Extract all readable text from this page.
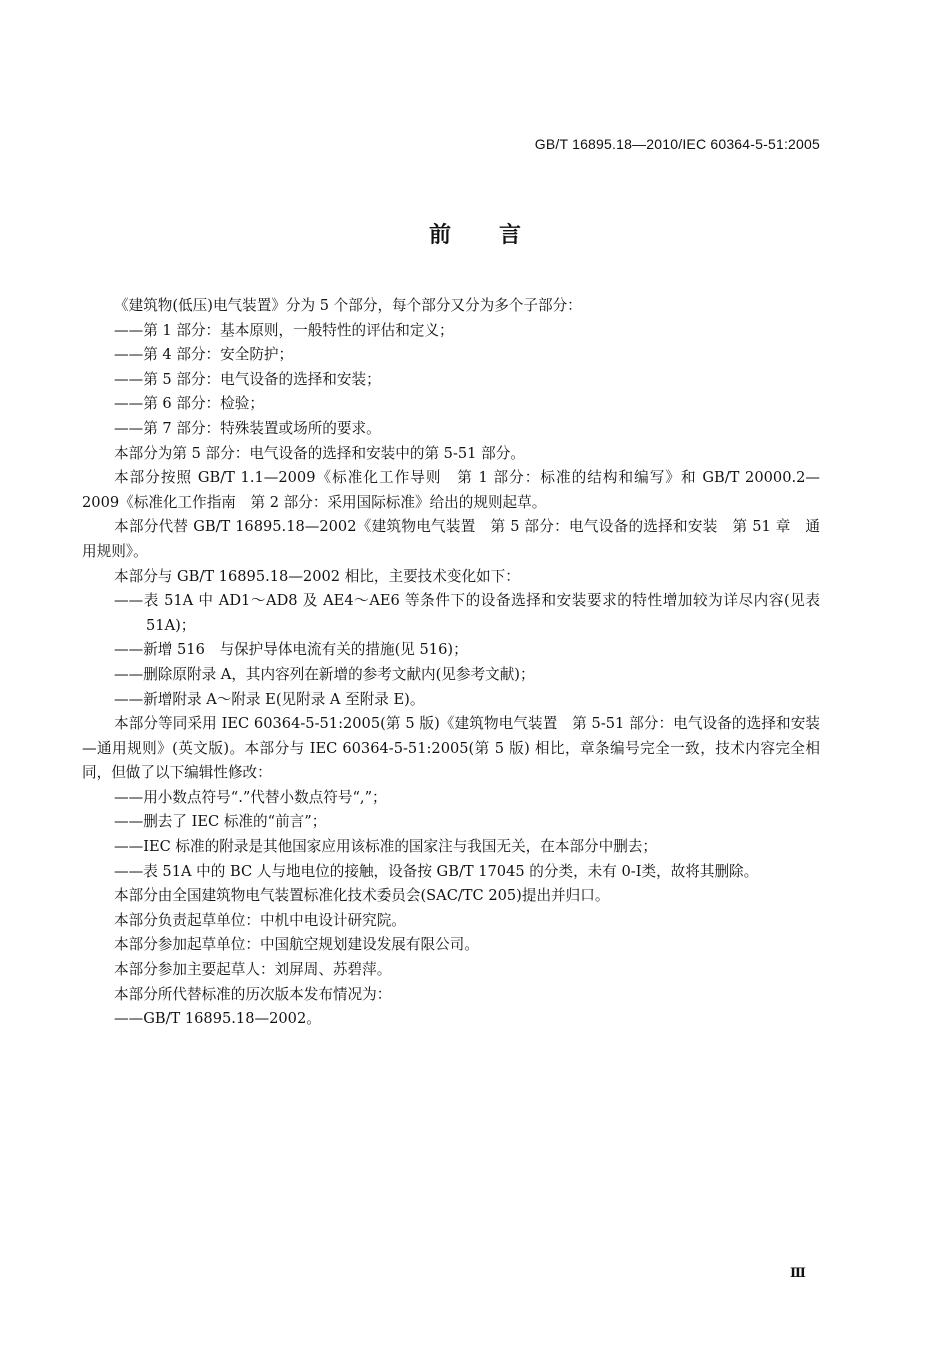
GB/T 16895.18—2010/IEC 60364-5-51:2005
前言

《建筑物(低压)电气装置》分为 5 个部分，每个部分又分为多个子部分：

——第 1 部分：基本原则，一般特性的评估和定义；

——第 4 部分：安全防护；

——第 5 部分：电气设备的选择和安装；

——第 6 部分：检验；

——第 7 部分：特殊装置或场所的要求。

本部分为第 5 部分：电气设备的选择和安装中的第 5-51 部分。

本部分按照 GB/T 1.1—2009《标准化工作导则　第 1 部分：标准的结构和编写》和 GB/T 20000.2—2009《标准化工作指南　第 2 部分：采用国际标准》给出的规则起草。

本部分代替 GB/T 16895.18—2002《建筑物电气装置　第 5 部分：电气设备的选择和安装　第 51 章　通用规则》。

本部分与 GB/T 16895.18—2002 相比，主要技术变化如下：

——表 51A 中 AD1～AD8 及 AE4～AE6 等条件下的设备选择和安装要求的特性增加较为详尽内容(见表 51A)；

——新增 516　与保护导体电流有关的措施(见 516)；

——删除原附录 A，其内容列在新增的参考文献内(见参考文献)；

——新增附录 A～附录 E(见附录 A 至附录 E)。

本部分等同采用 IEC 60364-5-51:2005(第 5 版)《建筑物电气装置　第 5-51 部分：电气设备的选择和安装—通用规则》(英文版)。本部分与 IEC 60364-5-51:2005(第 5 版) 相比，章条编号完全一致，技术内容完全相同，但做了以下编辑性修改：

——用小数点符号“.”代替小数点符号“,”；

——删去了 IEC 标准的“前言”；

——IEC 标准的附录是其他国家应用该标准的国家注与我国无关，在本部分中删去；

——表 51A 中的 BC 人与地电位的接触，设备按 GB/T 17045 的分类，未有 0-Ⅰ类，故将其删除。

本部分由全国建筑物电气装置标准化技术委员会(SAC/TC 205)提出并归口。

本部分负责起草单位：中机中电设计研究院。

本部分参加起草单位：中国航空规划建设发展有限公司。

本部分参加主要起草人：刘屏周、苏碧萍。

本部分所代替标准的历次版本发布情况为：

——GB/T 16895.18—2002。

Ⅲ
